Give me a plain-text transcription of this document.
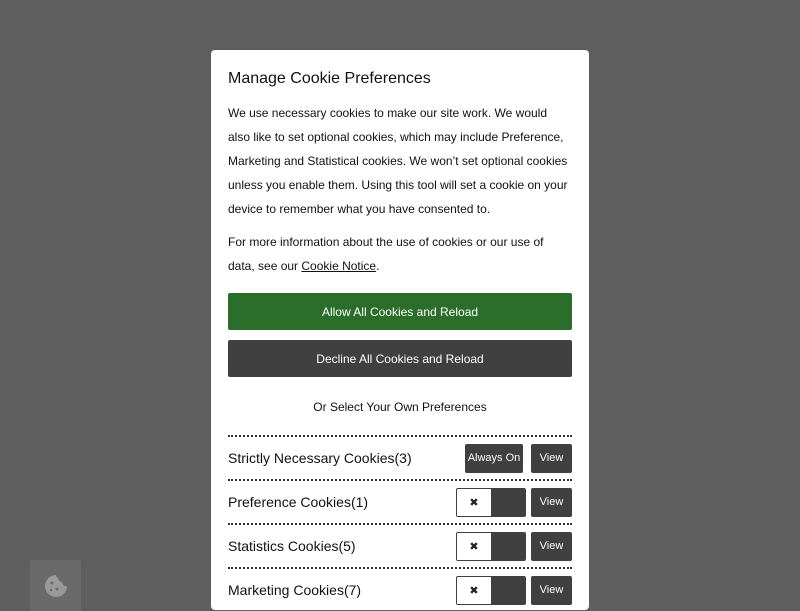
Manage Cookie Preferences

We use necessary cookies to make our site work. We would also like to set optional cookies, which may include Preference, Marketing and Statistical cookies. We won’t set optional cookies unless you enable them. Using this tool will set a cookie on your device to remember what you have consented to.

For more information about the use of cookies or our use of data, see our Cookie Notice.

Allow All Cookies and Reload
Decline All Cookies and Reload
Or Select Your Own Preferences
Strictly Necessary Cookies(3)	Always On	View
Preference Cookies(1)	✖	View
Statistics Cookies(5)	✖	View
Marketing Cookies(7)	✖	View
